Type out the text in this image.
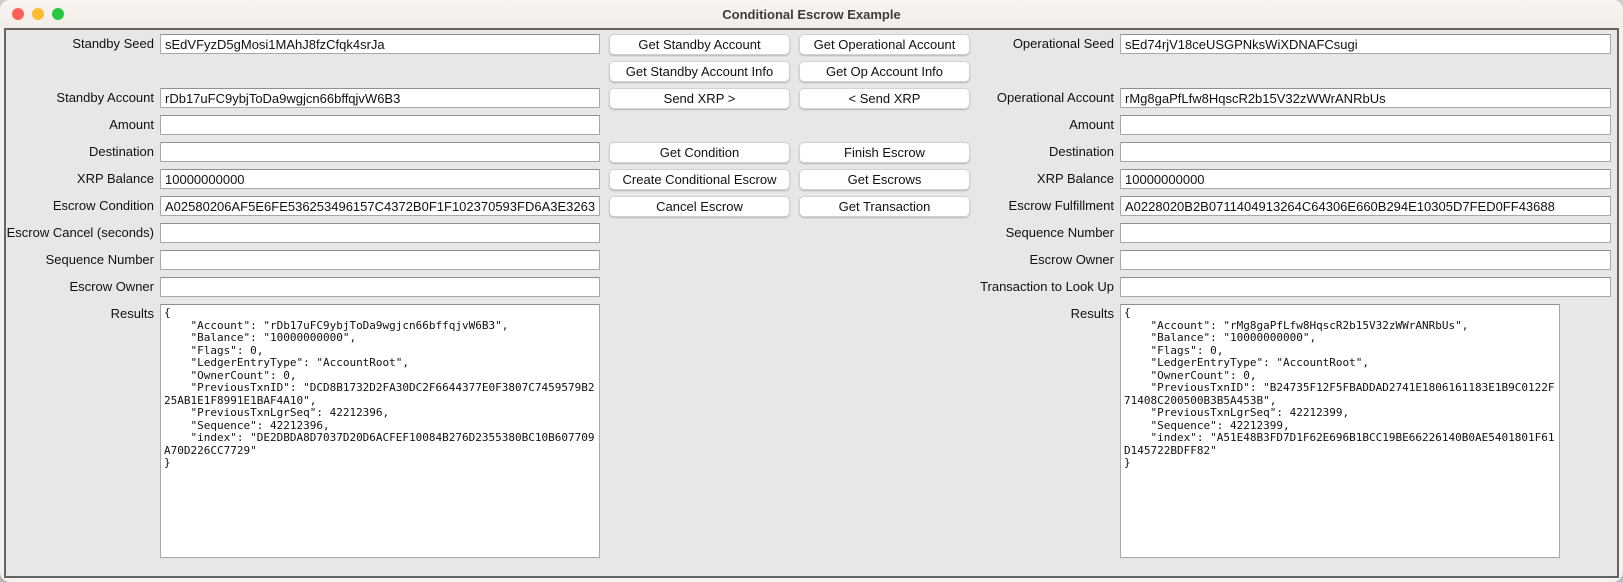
Conditional Escrow Example
Standby Seed
sEdVFyzD5gMosi1MAhJ8fzCfqk4srJa
Standby Account
rDb17uFC9ybjToDa9wgjcn66bffqjvW6B3
Amount
Destination
XRP Balance
10000000000
Escrow Condition
A02580206AF5E6FE536253496157C4372B0F1F102370593FD6A3E3263
Escrow Cancel (seconds)
Sequence Number
Escrow Owner
Results
{ "Account": "rDb17uFC9ybjToDa9wgjcn66bffqjvW6B3", "Balance": "10000000000", "Flags": 0, "LedgerEntryType": "AccountRoot", "OwnerCount": 0, "PreviousTxnID": "DCD8B1732D2FA30DC2F6644377E0F3807C7459579B2 25AB1E1F8991E1BAF4A10", "PreviousTxnLgrSeq": 42212396, "Sequence": 42212396, "index": "DE2DBDA8D7037D20D6ACFEF10084B276D2355380BC10B607709 A70D226CC7729" }
Get Standby Account
Get Standby Account Info
Send XRP >
Get Condition
Create Conditional Escrow
Cancel Escrow
Get Operational Account
Get Op Account Info
< Send XRP
Finish Escrow
Get Escrows
Get Transaction
Operational Seed
sEd74rjV18ceUSGPNksWiXDNAFCsugi
Operational Account
rMg8gaPfLfw8HqscR2b15V32zWWrANRbUs
Amount
Destination
XRP Balance
10000000000
Escrow Fulfillment
A0228020B2B0711404913264C64306E660B294E10305D7FED0FF43688
Sequence Number
Escrow Owner
Transaction to Look Up
Results
{ "Account": "rMg8gaPfLfw8HqscR2b15V32zWWrANRbUs", "Balance": "10000000000", "Flags": 0, "LedgerEntryType": "AccountRoot", "OwnerCount": 0, "PreviousTxnID": "B24735F12F5FBADDAD2741E1806161183E1B9C0122F 71408C200500B3B5A453B", "PreviousTxnLgrSeq": 42212399, "Sequence": 42212399, "index": "A51E48B3FD7D1F62E696B1BCC19BE66226140B0AE5401801F61 D145722BDFF82" }
